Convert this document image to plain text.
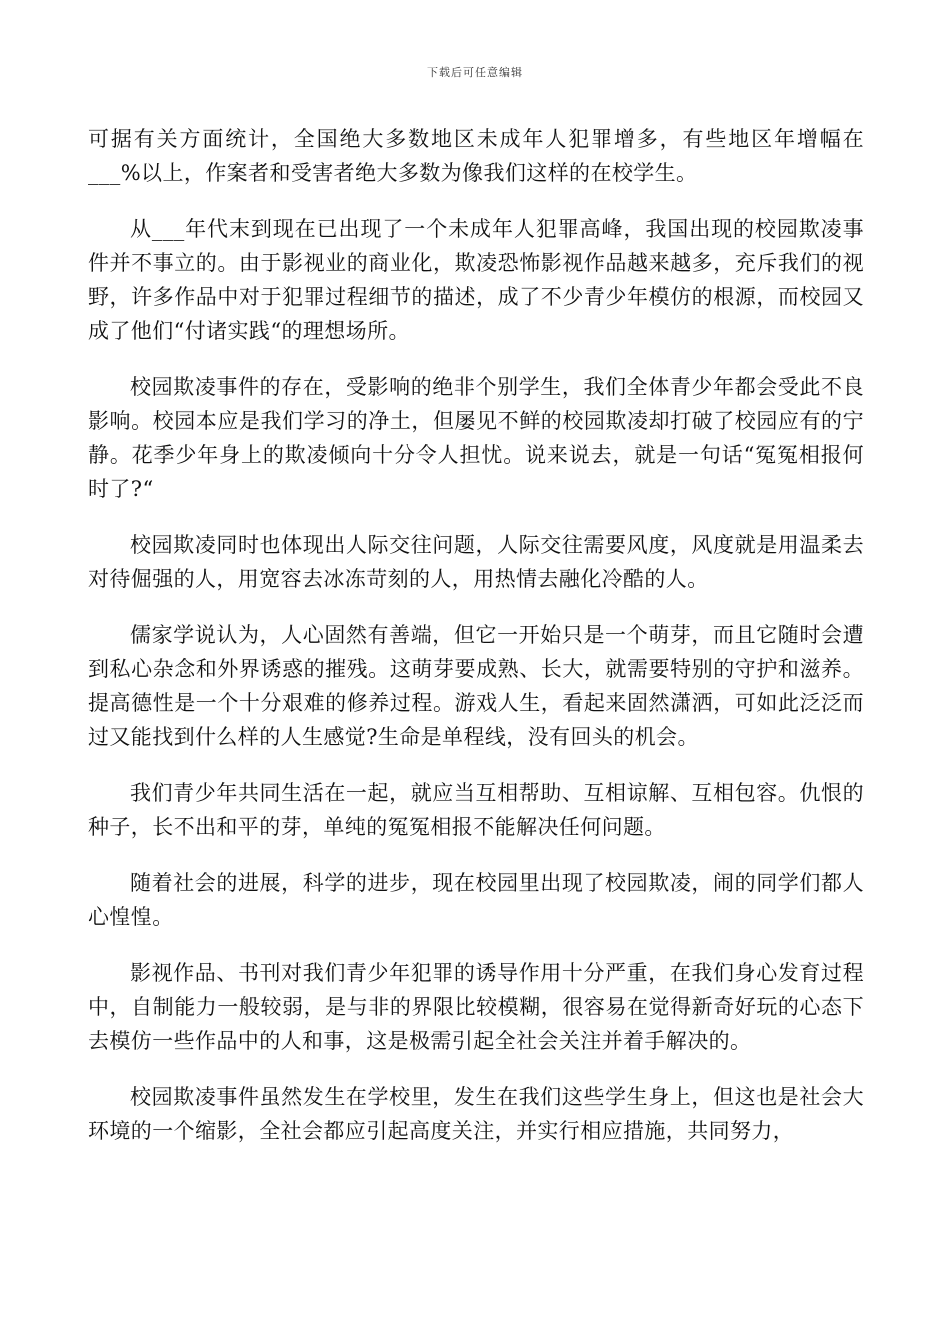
下载后可任意编辑

可据有关方面统计，全国绝大多数地区未成年人犯罪增多，有些地区年增幅在___%以上，作案者和受害者绝大多数为像我们这样的在校学生。

从___年代末到现在已出现了一个未成年人犯罪高峰，我国出现的校园欺凌事件并不事立的。由于影视业的商业化，欺凌恐怖影视作品越来越多，充斥我们的视野，许多作品中对于犯罪过程细节的描述，成了不少青少年模仿的根源，而校园又成了他们“付诸实践“的理想场所。

校园欺凌事件的存在，受影响的绝非个别学生，我们全体青少年都会受此不良影响。校园本应是我们学习的净土，但屡见不鲜的校园欺凌却打破了校园应有的宁静。花季少年身上的欺凌倾向十分令人担忧。说来说去，就是一句话“冤冤相报何时了?“

校园欺凌同时也体现出人际交往问题，人际交往需要风度，风度就是用温柔去对待倔强的人，用宽容去冰冻苛刻的人，用热情去融化冷酷的人。

儒家学说认为，人心固然有善端，但它一开始只是一个萌芽，而且它随时会遭到私心杂念和外界诱惑的摧残。这萌芽要成熟、长大，就需要特别的守护和滋养。提高德性是一个十分艰难的修养过程。游戏人生，看起来固然潇洒，可如此泛泛而过又能找到什么样的人生感觉?生命是单程线，没有回头的机会。

我们青少年共同生活在一起，就应当互相帮助、互相谅解、互相包容。仇恨的种子，长不出和平的芽，单纯的冤冤相报不能解决任何问题。

随着社会的进展，科学的进步，现在校园里出现了校园欺凌，闹的同学们都人心惶惶。

影视作品、书刊对我们青少年犯罪的诱导作用十分严重，在我们身心发育过程中，自制能力一般较弱，是与非的界限比较模糊，很容易在觉得新奇好玩的心态下去模仿一些作品中的人和事，这是极需引起全社会关注并着手解决的。

校园欺凌事件虽然发生在学校里，发生在我们这些学生身上，但这也是社会大环境的一个缩影，全社会都应引起高度关注，并实行相应措施，共同努力，
